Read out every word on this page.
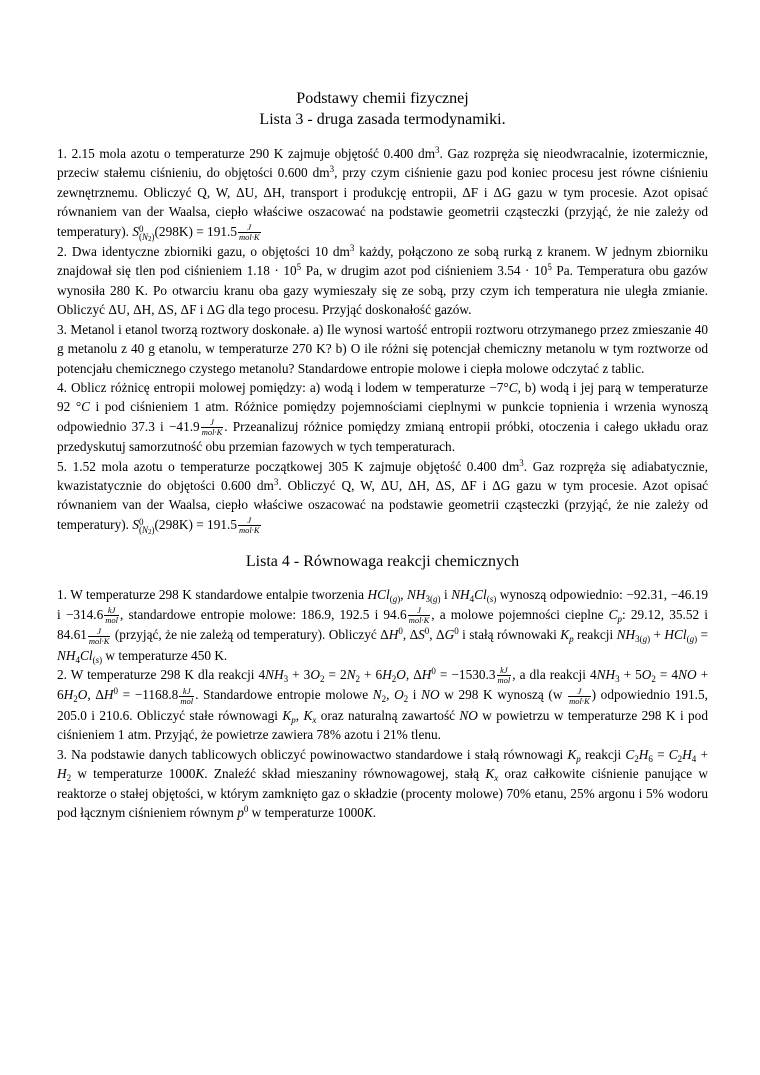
Podstawy chemii fizycznej
Lista 3 - druga zasada termodynamiki.

1. 2.15 mola azotu o temperaturze 290 K zajmuje objętość 0.400 $dm^3$. Gaz rozpręża się nieodwracalnie, izotermicznie, przeciw stałemu ciśnieniu, do objętości 0.600 $dm^3$, przy czym ciśnienie gazu pod koniec procesu jest równe ciśnieniu zewnętrznemu. Obliczyć Q, W, ΔU, ΔH, transport i produkcję entropii, ΔF i ΔG gazu w tym procesie. Azot opisać równaniem van der Waalsa, ciepło właściwe oszacować na podstawie geometrii cząsteczki (przyjąć, że nie zależy od temperatury). S 0
$(N_2) (298K) = 191.5 \frac{J}{\text{mol·K}}$

2. Dwa identyczne zbiorniki gazu, o objętości 10 $dm^3$ każdy, połączono ze sobą rurką z kranem. W jednym zbiorniku znajdował się tlen pod ciśnieniem $1.18 \cdot 10^5$ Pa, w drugim azot pod ciśnieniem $3.54 \cdot 10^5$ Pa. Temperatura obu gazów wynosiła 280 K. Po otwarciu kranu oba gazy wymieszały się ze sobą, przy czym ich temperatura nie uległa zmianie. Obliczyć ΔU, ΔH, ΔS, ΔF i ΔG dla tego procesu. Przyjąć doskonałość gazów.

3. Metanol i etanol tworzą roztwory doskonałe. a) Ile wynosi wartość entropii roztworu otrzymanego przez zmieszanie 40 g metanolu z 40 g etanolu, w temperaturze 270 K? b) O ile różni się potencjał chemiczny metanolu w tym roztworze od potencjału chemicznego czystego metanolu? Standardowe entropie molowe i ciepła molowe odczytać z tablic.

4. Oblicz różnicę entropii molowej pomiędzy: a) wodą i lodem w temperaturze −7°C, b) wodą i jej parą w temperaturze 92 °C i pod ciśnieniem 1 atm. Różnice pomiędzy pojemnościami cieplnymi w punkcie topnienia i wrzenia wynoszą odpowiednio 37.3 $i -41.9 \frac{J}{\text{mol·K}}$ . Przeanalizuj różnice pomiędzy zmianą entropii próbki, otoczenia i całego układu oraz przedyskutuj samorzutność obu przemian fazowych w tych temperaturach.

5. 1.52 mola azotu o temperaturze początkowej 305 K zajmuje objętość 0.400 $dm^3$. Gaz rozpręża się adiabatycznie, kwazistatycznie do objętości 0.600 $dm^3$. Obliczyć Q, W, ΔU, ΔH, ΔS, ΔF i ΔG gazu w tym procesie. Azot opisać równaniem van der Waalsa, ciepło właściwe oszacować na podstawie geometrii cząsteczki (przyjąć, że nie zależy od temperatury). S 0
$(N_2) (298K) = 191.5 \frac{J}{\text{mol·K}}$

Lista 4 - Równowaga reakcji chemicznych

1. W temperaturze 298 K standardowe entalpie tworzenia HCl$_{(g)}$, $NH_{3(g)}$ i $NH_4Cl_{(s)}$ wynoszą odpowiednio: −92.31, −46.19 $i -314.6 \frac{kJ}{\text{mol}}$ , standardowe entropie molowe: 186.9, 192.5 i $94.6 \frac{J}{\text{mol·K}}$ , a molowe pojemności cieplne $C_p$: 29.12, 35.52 i $84.61 \frac{J}{\text{mol·K}}$ (przyjąć, że nie zależą od temperatury). Obliczyć $\Delta H^0$, $\Delta S^0$, $\Delta G^0$ i stałą równowaki $K_p$ reakcji $NH_{3(g)} + HCl_{(g)} = NH_4Cl_{(s)}$ w temperaturze 450 K.

2. W temperaturze 298 K dla reakcji $4NH_3 + 3O_2 = 2N_2 + 6H_2O$, $\Delta H^0 = -1530.3 \frac{kJ}{\text{mol}}$ , a dla reakcji $4NH_3 + 5O_2 = 4NO + 6H_2O$, $\Delta H^0 = -1168.8 \frac{kJ}{\text{mol}}$ . Standardowe entropie molowe $N_2$, $O_2$ i NO w 298 K wynoszą ($w \frac{J}{\text{mol·K}}$ ) odpowiednio 191.5, 205.0 i 210.6. Obliczyć stałe równowagi $K_p$, $K_x$ oraz naturalną zawartość NO w powietrzu w temperaturze 298 K i pod ciśnieniem 1 atm. Przyjąć, że powietrze zawiera 78% azotu i 21% tlenu.

3. Na podstawie danych tablicowych obliczyć powinowactwo standardowe i stałą równowagi $K_p$ reakcji $C_2H_6 = C_2H_4 + H_2$ w temperaturze 1000K. Znaleźć skład mieszaniny równowagowej, stałą $K_x$ oraz całkowite ciśnienie panujące w reaktorze o stałej objętości, w którym zamknięto gaz o składzie (procenty molowe) 70% etanu, 25% argonu i 5% wodoru pod łącznym ciśnieniem równym $p^0$ w temperaturze 1000K.
